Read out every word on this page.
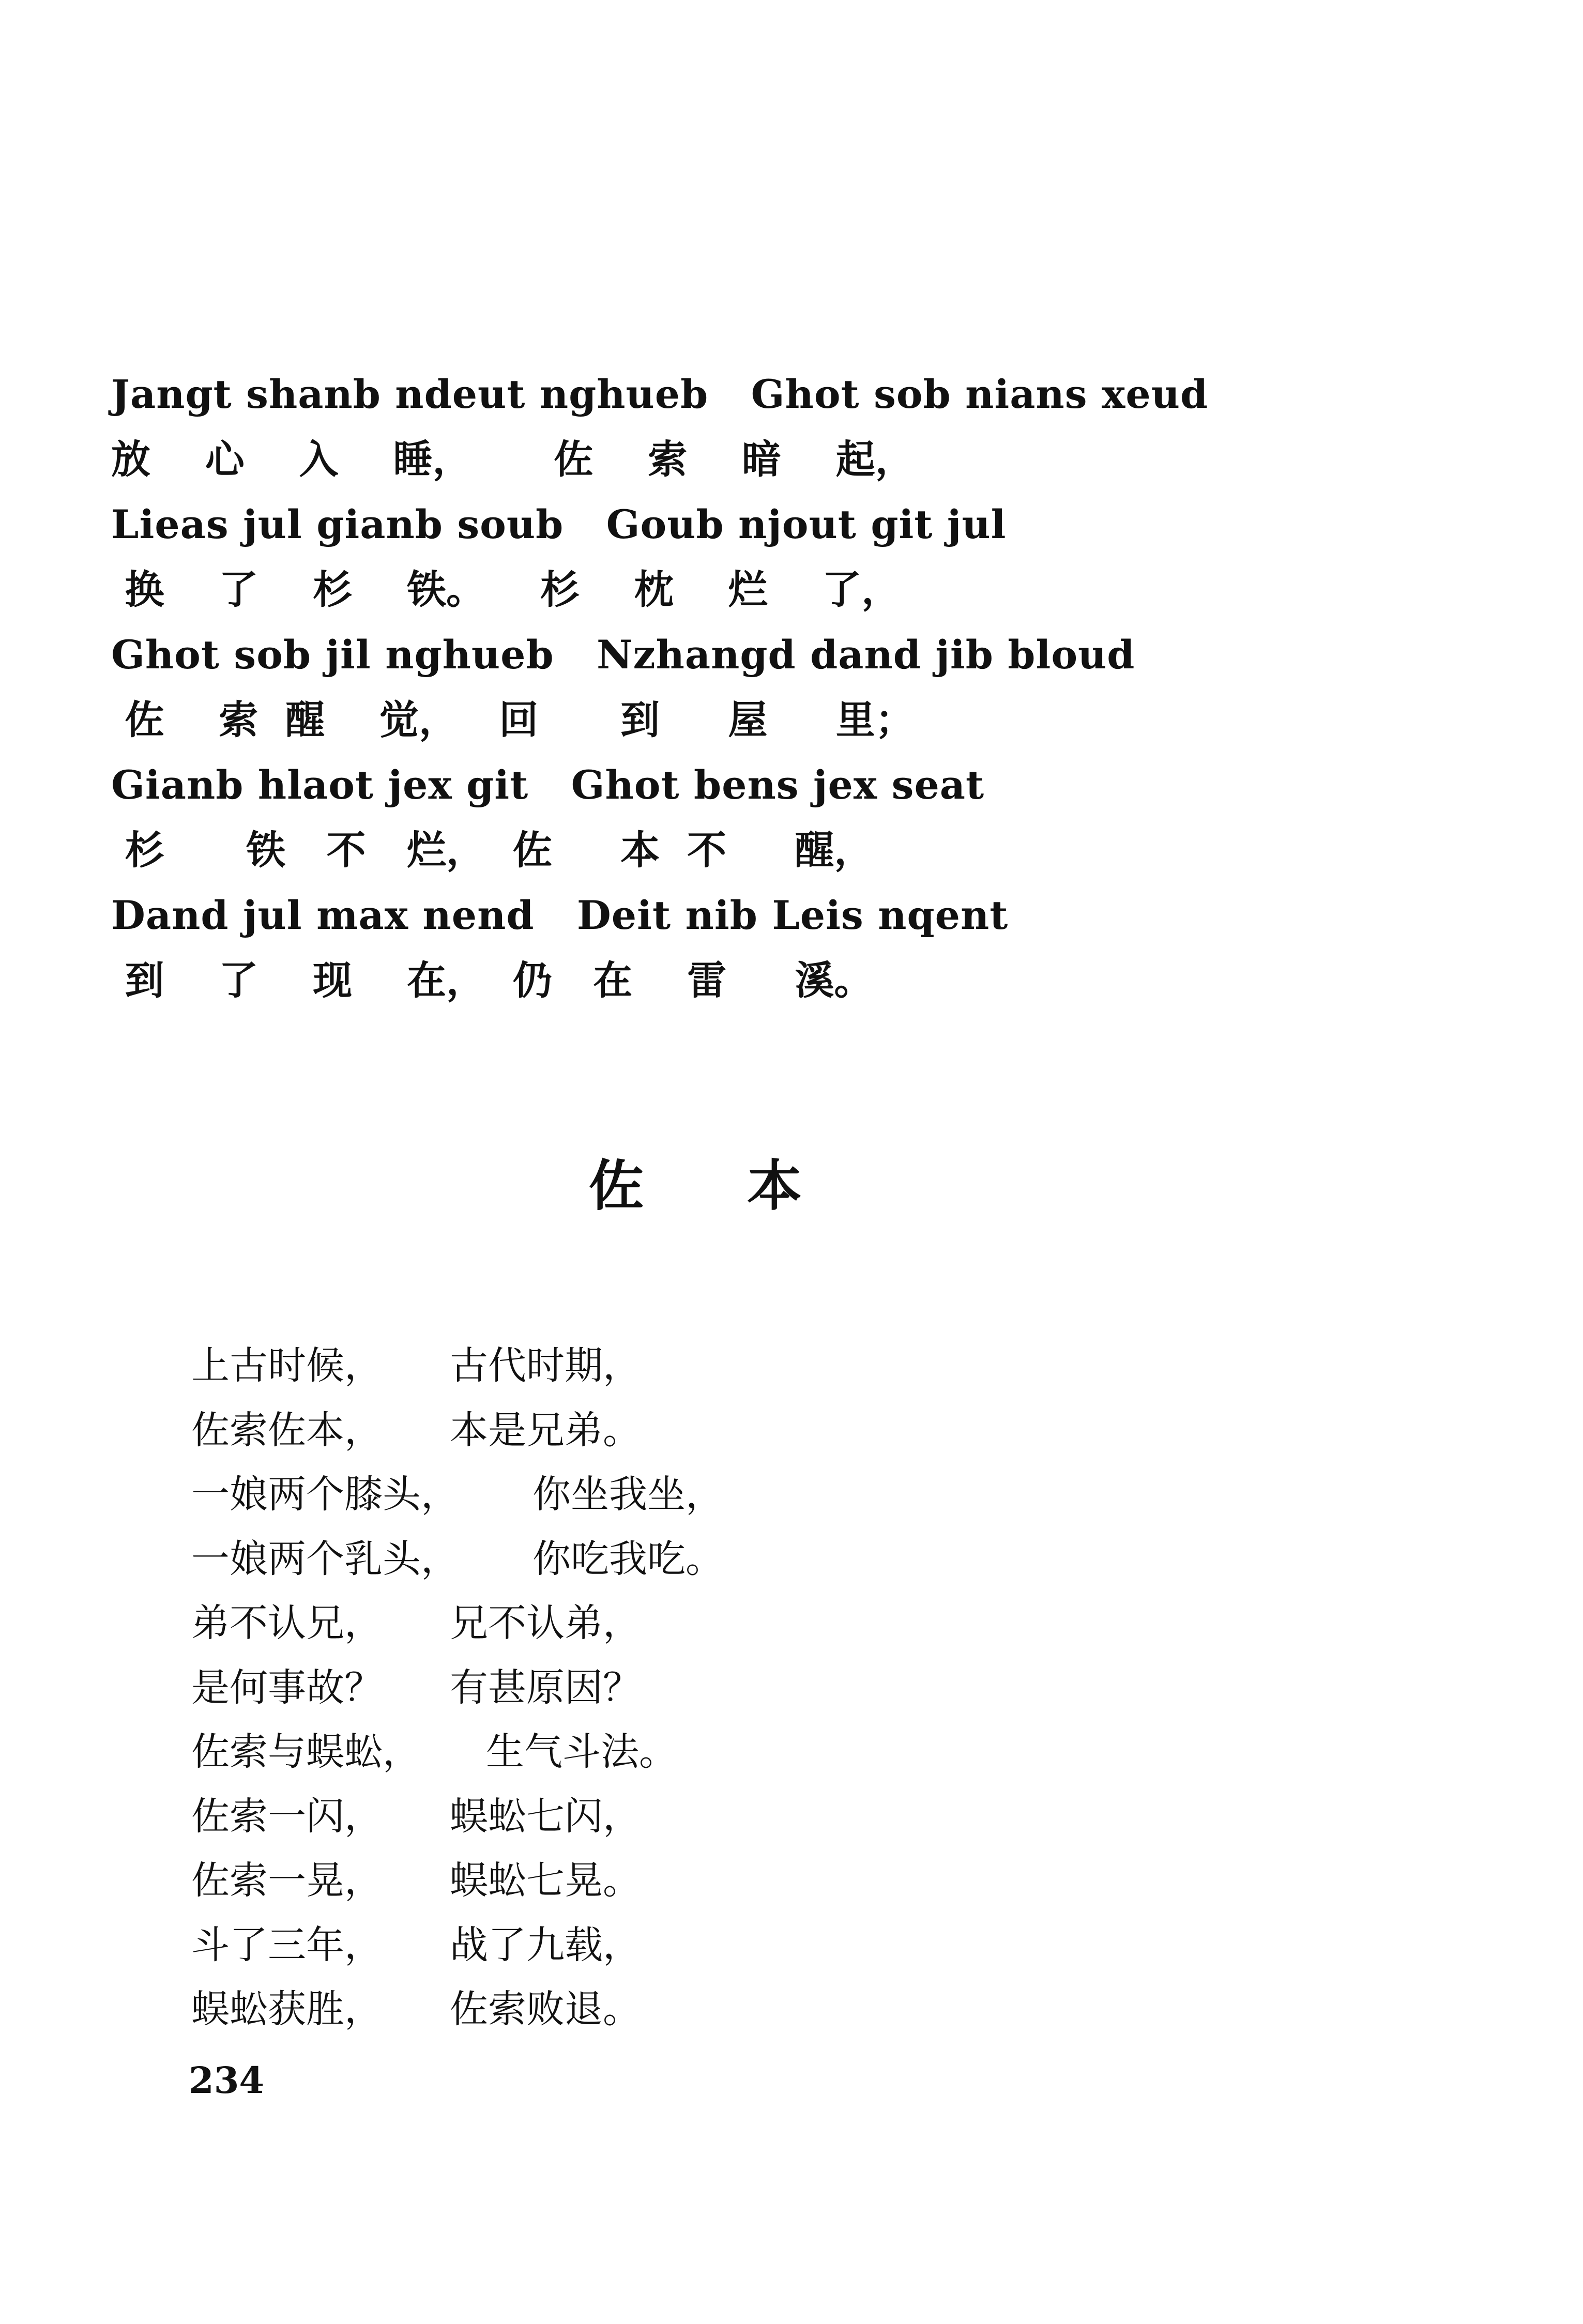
Jangt shanb ndeut nghueb   Ghot sob nians xeud
放    心    入    睡，      佐    索    暗    起，
Lieas jul gianb soub   Goub njout git jul
换    了    杉    铁。    杉    枕    烂    了，
Ghot sob jil nghueb   Nzhangd dand jib bloud
佐    索  醒    觉，   回      到     屋     里；
Gianb hlaot jex git   Ghot bens jex seat
杉      铁   不   烂，  佐     本  不     醒，
Dand jul max nend   Deit nib Leis nqent
到    了    现    在，  仍   在    雷     溪。
佐本
上古时候，	古代时期，
佐索佐本，	本是兄弟。
一娘两个膝头，	你坐我坐，
一娘两个乳头，	你吃我吃。
弟不认兄，	兄不认弟，
是何事故？	有甚原因？
佐索与蜈蚣，	生气斗法。
佐索一闪，	蜈蚣七闪，
佐索一晃，	蜈蚣七晃。
斗了三年，	战了九载，
蜈蚣获胜，	佐索败退。
234
